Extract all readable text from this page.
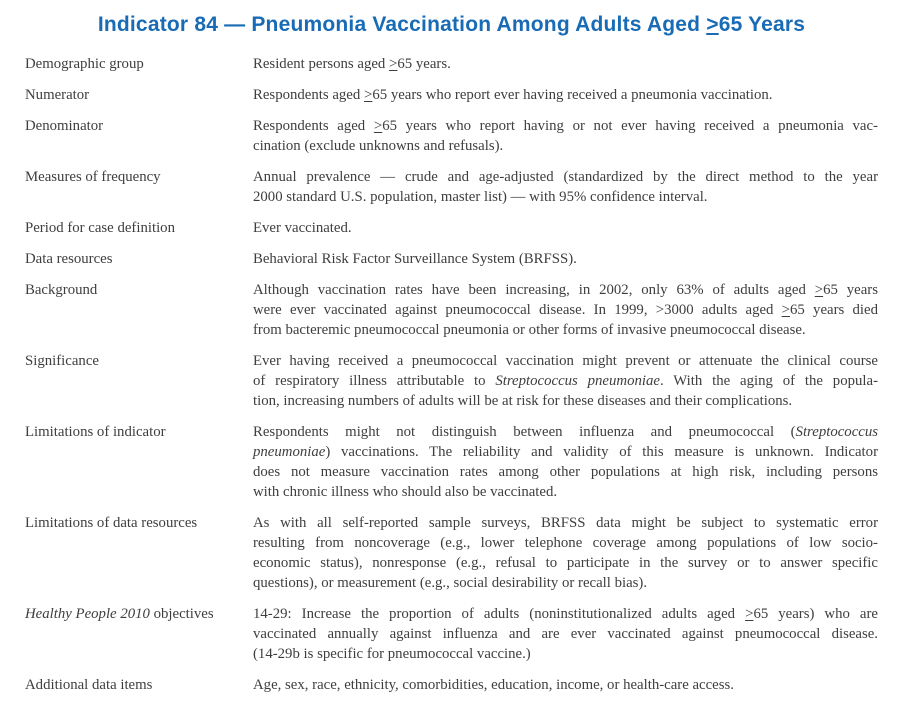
Indicator 84 — Pneumonia Vaccination Among Adults Aged >65 Years
Demographic group	Resident persons aged ≥65 years.
Numerator	Respondents aged ≥65 years who report ever having received a pneumonia vaccination.
Denominator	Respondents aged ≥65 years who report having or not ever having received a pneumonia vac-
cination (exclude unknowns and refusals).
Measures of frequency	Annual prevalence — crude and age-adjusted (standardized by the direct method to the year
2000 standard U.S. population, master list) — with 95% confidence interval.
Period for case definition	Ever vaccinated.
Data resources	Behavioral Risk Factor Surveillance System (BRFSS).
Background	Although vaccination rates have been increasing, in 2002, only 63% of adults aged ≥65 years
were ever vaccinated against pneumococcal disease. In 1999, >3000 adults aged ≥65 years died
from bacteremic pneumococcal pneumonia or other forms of invasive pneumococcal disease.
Significance	Ever having received a pneumococcal vaccination might prevent or attenuate the clinical course
of respiratory illness attributable to Streptococcus pneumoniae. With the aging of the popula-
tion, increasing numbers of adults will be at risk for these diseases and their complications.
Limitations of indicator	Respondents might not distinguish between influenza and pneumococcal (Streptococcus
pneumoniae) vaccinations. The reliability and validity of this measure is unknown. Indicator
does not measure vaccination rates among other populations at high risk, including persons
with chronic illness who should also be vaccinated.
Limitations of data resources	As with all self-reported sample surveys, BRFSS data might be subject to systematic error
resulting from noncoverage (e.g., lower telephone coverage among populations of low socio-
economic status), nonresponse (e.g., refusal to participate in the survey or to answer specific
questions), or measurement (e.g., social desirability or recall bias).
Healthy People 2010 objectives	14-29: Increase the proportion of adults (noninstitutionalized adults aged ≥65 years) who are
vaccinated annually against influenza and are ever vaccinated against pneumococcal disease.
(14-29b is specific for pneumococcal vaccine.)
Additional data items	Age, sex, race, ethnicity, comorbidities, education, income, or health-care access.
